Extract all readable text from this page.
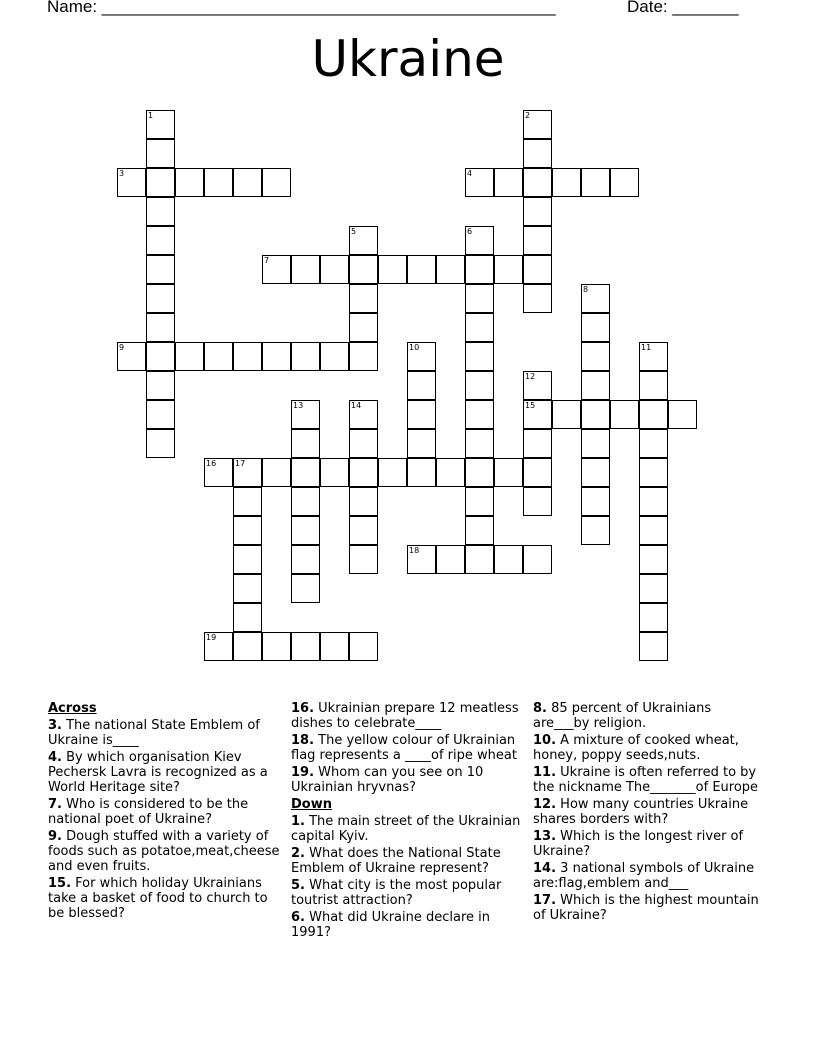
Name: ________________________________________________	Date: _______
Ukraine
1	2
3	4
5	6
7
8
9	10	11
12
13	14	15
16 17
18
19
Across
3. The national State Emblem of Ukraine is____
4. By which organisation Kiev Pechersk Lavra is recognized as a World Heritage site?
7. Who is considered to be the national poet of Ukraine?
9. Dough stuffed with a variety of foods such as potatoe,meat,cheese and even fruits.
15. For which holiday Ukrainians take a basket of food to church to be blessed?
16. Ukrainian prepare 12 meatless dishes to celebrate____
18. The yellow colour of Ukrainian flag represents a ____of ripe wheat
19. Whom can you see on 10 Ukrainian hryvnas?
Down
1. The main street of the Ukrainian capital Kyiv.
2. What does the National State Emblem of Ukraine represent?
5. What city is the most popular toutrist attraction?
6. What did Ukraine declare in 1991?
8. 85 percent of Ukrainians are___by religion.
10. A mixture of cooked wheat, honey, poppy seeds,nuts.
11. Ukraine is often referred to by the nickname The_______of Europe
12. How many countries Ukraine shares borders with?
13. Which is the longest river of Ukraine?
14. 3 national symbols of Ukraine are:flag,emblem and___
17. Which is the highest mountain of Ukraine?
